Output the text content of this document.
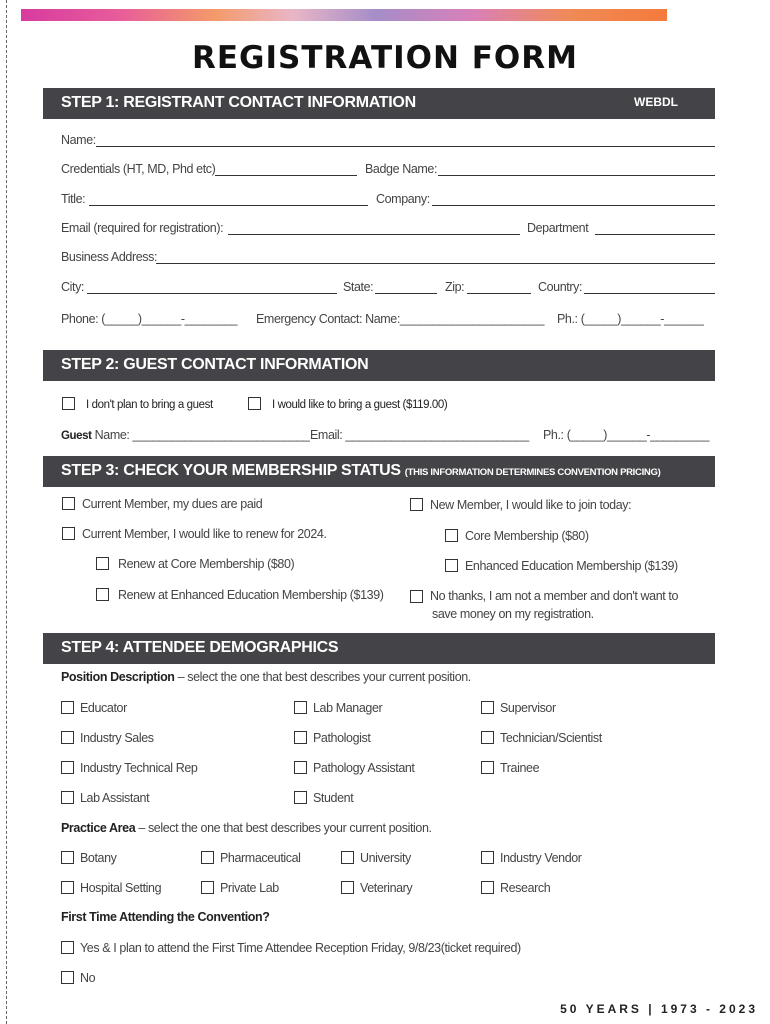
REGISTRATION FORM
STEP 1: REGISTRANT CONTACT INFORMATION	WEBDL
Name:
Credentials (HT, MD, Phd etc)	Badge Name:
Title:	Company:
Email (required for registration):	Department
Business Address:
City:	State:	Zip:	Country:
Phone: (_____)______-________ Emergency Contact: Name:______________________ Ph.: (_____)______-______
STEP 2: GUEST CONTACT INFORMATION
I don't plan to bring a guest	I would like to bring a guest ($119.00)
Guest Name: ___________________________ Email: ____________________________ Ph.: (_____)______-_________
STEP 3: CHECK YOUR MEMBERSHIP STATUS (THIS INFORMATION DETERMINES CONVENTION PRICING)
Current Member, my dues are paid
Current Member, I would like to renew for 2024.
Renew at Core Membership ($80)
Renew at Enhanced Education Membership ($139)
New Member, I would like to join today:
Core Membership ($80)
Enhanced Education Membership ($139)
No thanks, I am not a member and don't want to
save money on my registration.
STEP 4: ATTENDEE DEMOGRAPHICS
Position Description – select the one that best describes your current position.
Educator	Lab Manager	Supervisor
Industry Sales	Pathologist	Technician/Scientist
Industry Technical Rep	Pathology Assistant	Trainee
Lab Assistant	Student
Practice Area – select the one that best describes your current position.
Botany	Pharmaceutical	University	Industry Vendor
Hospital Setting	Private Lab	Veterinary	Research
First Time Attending the Convention?
Yes & I plan to attend the First Time Attendee Reception Friday, 9/8/23(ticket required)
No
50 YEARS | 1973 - 2023
